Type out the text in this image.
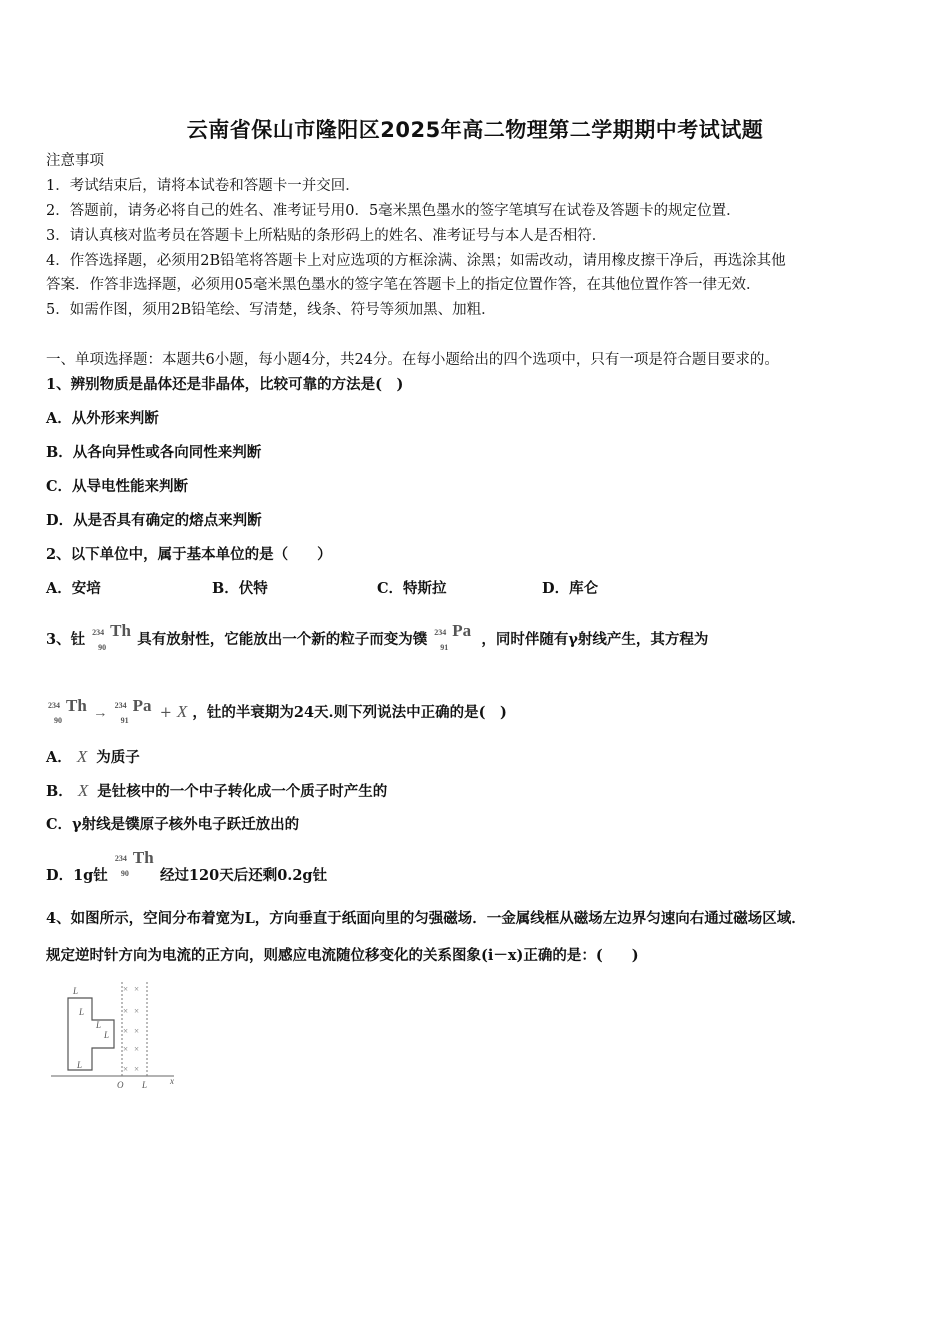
云南省保山市隆阳区2025年高二物理第二学期期中考试试题
注意事项
1．考试结束后，请将本试卷和答题卡一并交回．
2．答题前，请务必将自己的姓名、准考证号用0．5毫米黑色墨水的签字笔填写在试卷及答题卡的规定位置．
3．请认真核对监考员在答题卡上所粘贴的条形码上的姓名、准考证号与本人是否相符．
4．作答选择题，必须用2B铅笔将答题卡上对应选项的方框涂满、涂黑；如需改动，请用橡皮擦干净后，再选涂其他
答案．作答非选择题，必须用05毫米黑色墨水的签字笔在答题卡上的指定位置作答，在其他位置作答一律无效．
5．如需作图，须用2B铅笔绘、写清楚，线条、符号等须加黑、加粗．
一、单项选择题：本题共6小题，每小题4分，共24分。在每小题给出的四个选项中，只有一项是符合题目要求的。
1、辨别物质是晶体还是非晶体，比较可靠的方法是(　)
A．从外形来判断
B．从各向异性或各向同性来判断
C．从导电性能来判断
D．从是否具有确定的熔点来判断
2、以下单位中，属于基本单位的是（　　）
A．安培	B．伏特	C．特斯拉	D．库仑
3、钍 234
90
Th 具有放射性，它能放出一个新的粒子而变为镤 234
91
Pa ，同时伴随有γ射线产生，其方程为
234
90
Th → 234
91
Pa + X ，钍的半衰期为24天.则下列说法中正确的是(　)
A． X 为质子
B． X 是钍核中的一个中子转化成一个质子时产生的
C．γ射线是镤原子核外电子跃迁放出的
D．1g钍
234
90
Th
经过120天后还剩0.2g钍
4、如图所示，空间分布着宽为L，方向垂直于纸面向里的匀强磁场．一金属线框从磁场左边界匀速向右通过磁场区域．
规定逆时针方向为电流的正方向，则感应电流随位移变化的关系图象(i－x)正确的是：(　　)
× ×
× ×
× ×
× ×
× ×
L
L
L
L
L
O L	x
